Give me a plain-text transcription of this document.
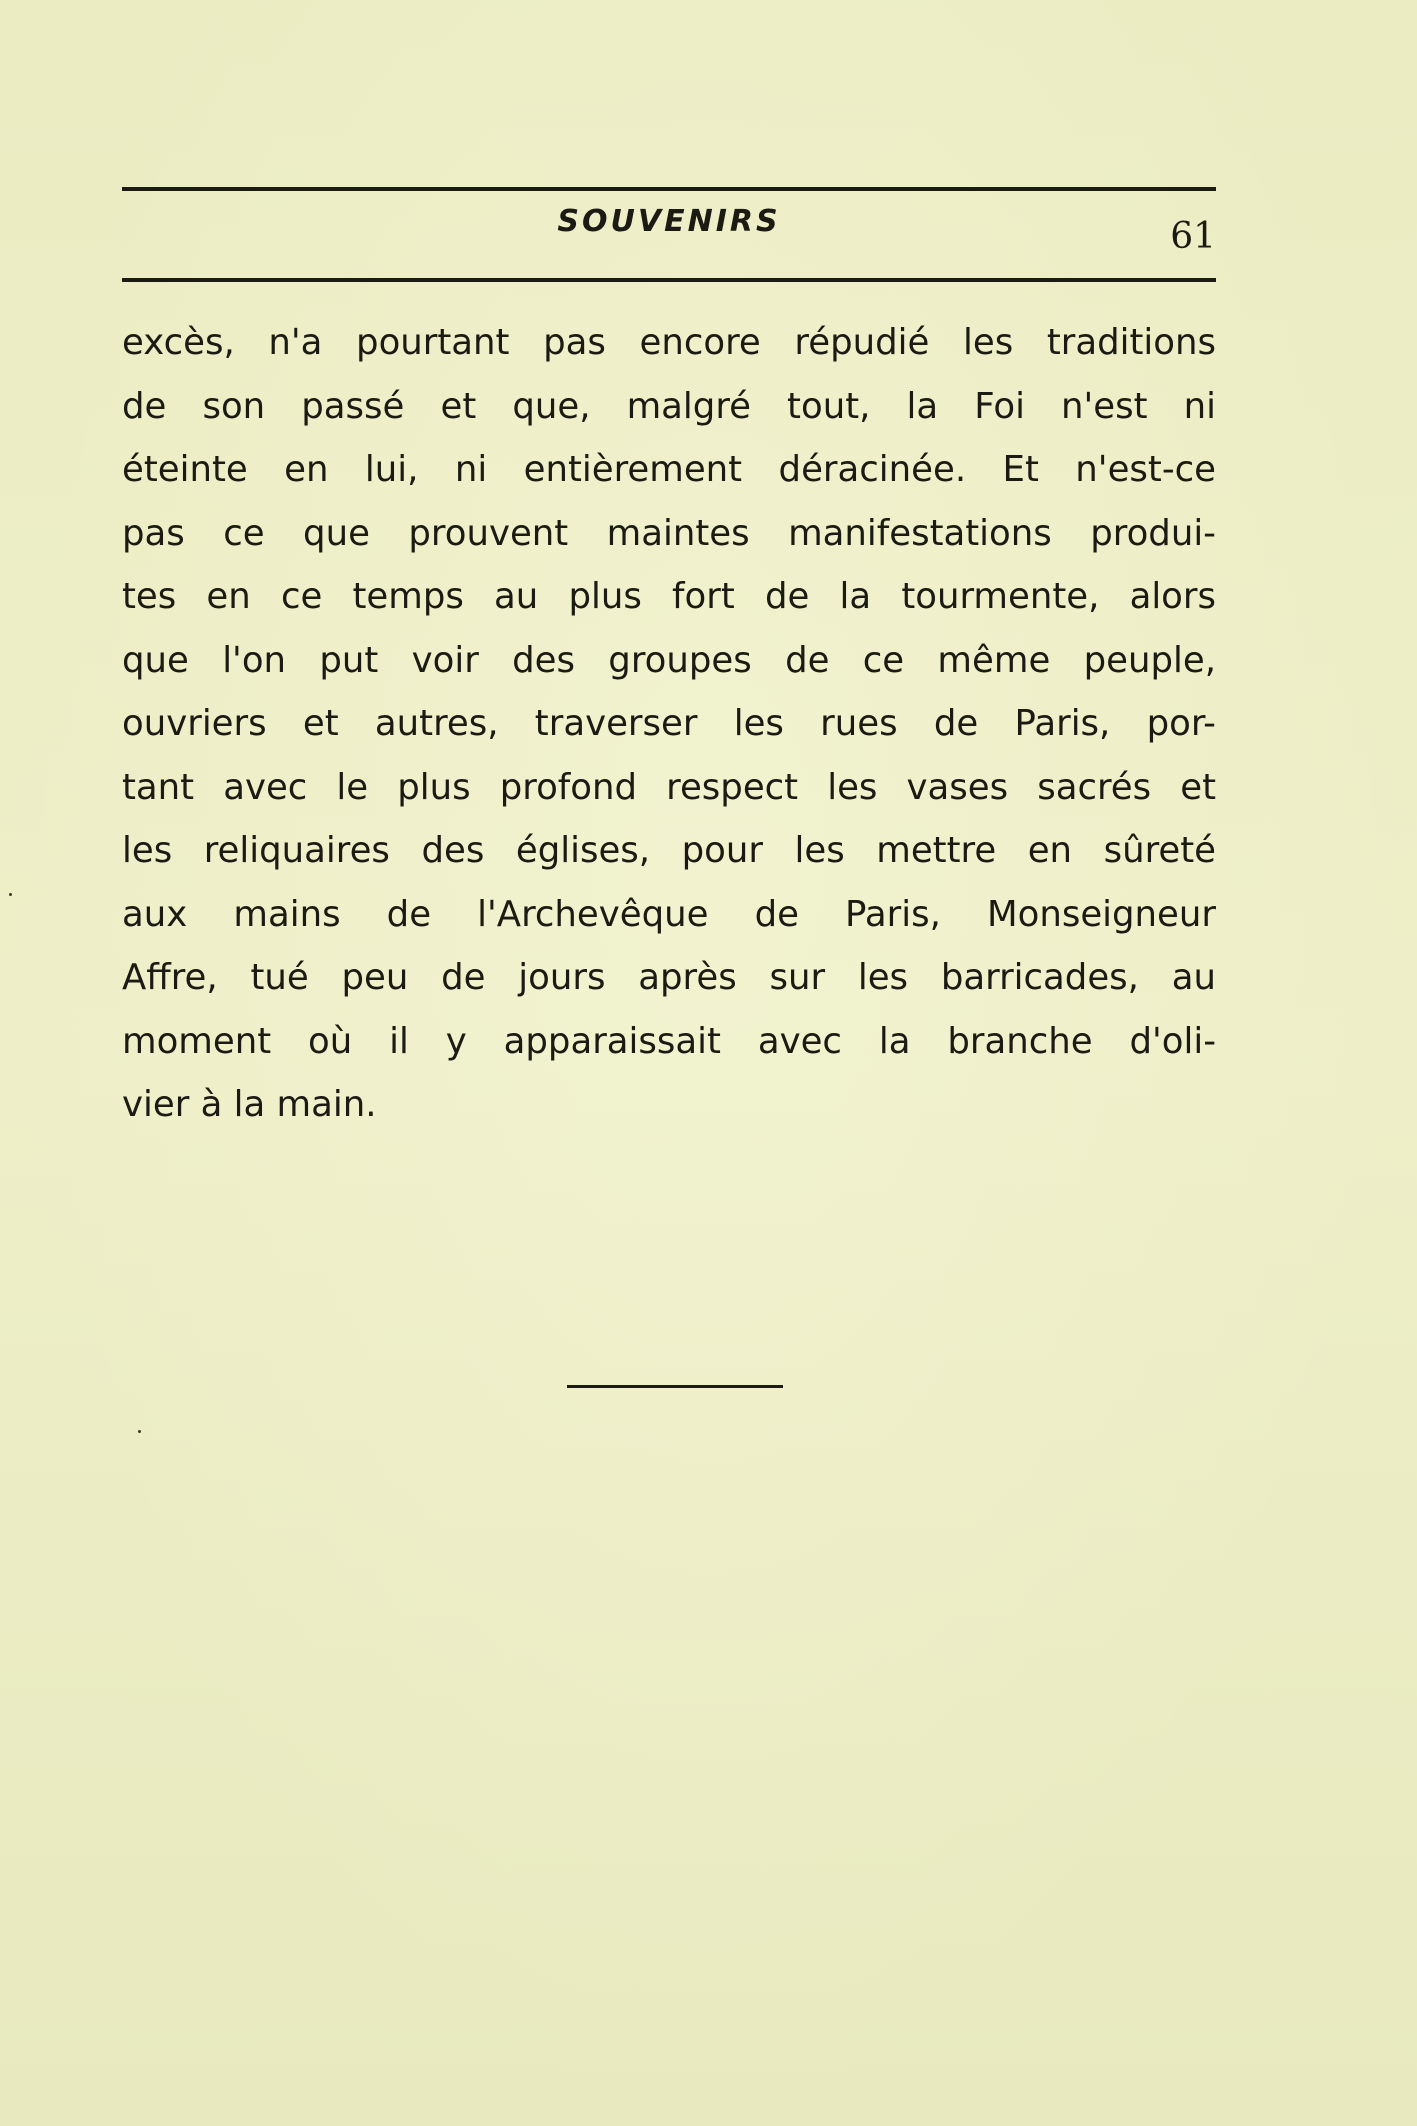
SOUVENIRS	61

excès, n'a pourtant pas encore répudié les traditions
de son passé et que, malgré tout, la Foi n'est ni
éteinte en lui, ni entièrement déracinée. Et n'est-ce
pas ce que prouvent maintes manifestations produi-
tes en ce temps au plus fort de la tourmente, alors
que l'on put voir des groupes de ce même peuple,
ouvriers et autres, traverser les rues de Paris, por-
tant avec le plus profond respect les vases sacrés et
les reliquaires des églises, pour les mettre en sûreté
aux mains de l'Archevêque de Paris, Monseigneur
Affre, tué peu de jours après sur les barricades, au
moment où il y apparaissait avec la branche d'oli-
vier à la main.
